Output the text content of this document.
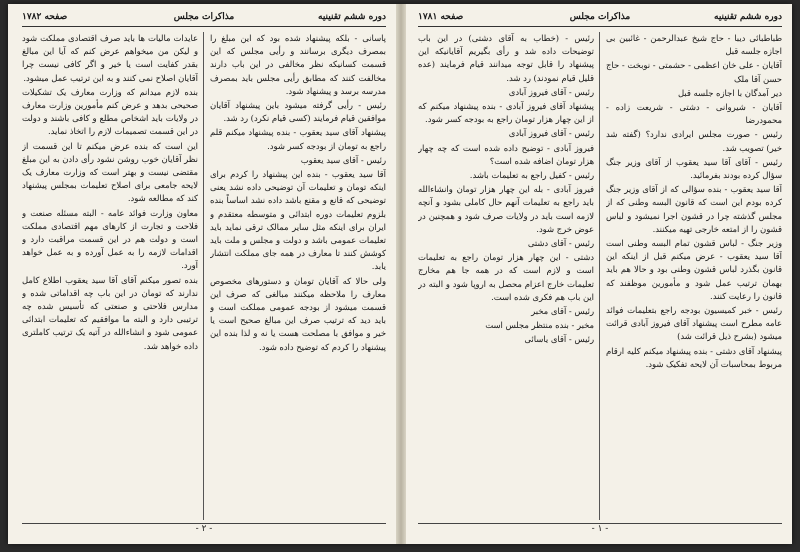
دوره ششم تقنینیه
مذاکرات مجلس
صفحه ۱۷۸۲

پاسانی - بلکه پیشنهاد شده بود که این مبلغ را بمصرف دیگری برسانند و رأیی مجلس که این قسمت کسانیکه نظر مخالفی در این باب دارند مخالفت کنند که مطابق رأیی مجلس باید بمصرف مدرسه برسد و پیشنهاد شود.

رئیس - رأیی گرفته میشود باین پیشنهاد آقایان موافقین قیام فرمایند (کسی قیام نکرد) رد شد.

پیشنهاد آقای سید یعقوب - بنده پیشنهاد میکنم قلم راجع به تومان از بودجه کسر شود.

رئیس - آقای سید یعقوب

آقا سید یعقوب - بنده این پیشنهاد را کردم برای اینکه تومان و تعلیمات آن توضیحی داده نشد یعنی توضیحی که قانع و مقنع باشد داده نشد اساساً بنده بلزوم تعلیمات دوره ابتدائی و متوسطه معتقدم و ایران برای اینکه مثل سایر ممالک ترقی نماید باید تعلیمات عمومی باشد و دولت و مجلس و ملت باید کوشش کنند تا معارف در همه جای مملکت انتشار یابد.

ولی حالا که آقایان تومان و دستورهای مخصوص معارف را ملاحظه میکنند مبالغی که صرف این قسمت میشود از بودجه عمومی مملکت است و باید دید که ترتیب صرف این مبالغ صحیح است یا خیر و موافق با مصلحت هست یا نه و لذا بنده این پیشنهاد را کردم که توضیح داده شود.

عایدات مالیات ها باید صرف اقتصادی مملکت شود و لیکن من میخواهم عرض کنم که آیا این مبالغ بقدر کفایت است یا خیر و اگر کافی نیست چرا آقایان اصلاح نمی کنند و به این ترتیب عمل میشود.

بنده لازم میدانم که وزارت معارف یک تشکیلات صحیحی بدهد و عرض کنم مأمورین وزارت معارف در ولایات باید اشخاص مطلع و کافی باشند و دولت در این قسمت تصمیمات لازم را اتخاذ نماید.

این است که بنده عرض میکنم تا این قسمت از نظر آقایان خوب روشن نشود رأی دادن به این مبلغ مقتضی نیست و بهتر است که وزارت معارف یک لایحه جامعی برای اصلاح تعلیمات بمجلس پیشنهاد کند که مطالعه شود.

معاون وزارت فوائد عامه - البته مسئله صنعت و فلاحت و تجارت از کارهای مهم اقتصادی مملکت است و دولت هم در این قسمت مراقبت دارد و اقدامات لازمه را به عمل آورده و به عمل خواهد آورد.

بنده تصور میکنم آقای آقا سید یعقوب اطلاع کامل ندارند که تومان در این باب چه اقداماتی شده و مدارس فلاحتی و صنعتی که تأسیس شده چه ترتیبی دارد و البته ما موافقیم که تعلیمات ابتدائی عمومی شود و انشاءالله در آتیه یک ترتیب کاملتری داده خواهد شد.

- ۲ -
دوره ششم تقنینیه
مذاکرات مجلس
صفحه ۱۷۸۱

طباطبائی دیبا - حاج شیخ عبدالرحمن - غائبین بی اجازه جلسه قبل

آقایان - علی خان اعظمی - حشمتی - نوبخت - حاج حسن آقا ملک

دیر آمدگان با اجازه جلسه قبل

آقایان - شیروانی - دشتی - شریعت زاده - محمودرضا

رئیس - صورت مجلس ایرادی ندارد؟ (گفته شد خیر) تصویب شد.

رئیس - آقای آقا سید یعقوب از آقای وزیر جنگ سؤال کرده بودند بفرمائید.

آقا سید یعقوب - بنده سؤالی که از آقای وزیر جنگ کرده بودم این است که قانون البسه وطنی که از مجلس گذشته چرا در قشون اجرا نمیشود و لباس قشون را از امتعه خارجی تهیه میکنند.

وزیر جنگ - لباس قشون تمام البسه وطنی است آقا سید یعقوب - عرض میکنم قبل از اینکه این قانون بگذرد لباس قشون وطنی بود و حالا هم باید بهمان ترتیب عمل شود و مأمورین موظفند که قانون را رعایت کنند.

رئیس - خبر کمیسیون بودجه راجع بتعلیمات فوائد عامه مطرح است پیشنهاد آقای فیروز آبادی قرائت میشود (بشرح ذیل قرائت شد)

پیشنهاد آقای دشتی - بنده پیشنهاد میکنم کلیه ارقام مربوط بمحاسبات آن لایحه تفکیک شود.

رئیس - (خطاب به آقای دشتی) در این باب توضیحات داده شد و رأی بگیریم آقایانیکه این پیشنهاد را قابل توجه میدانند قیام فرمایند (عده قلیل قیام نمودند) رد شد.

رئیس - آقای فیروز آبادی

پیشنهاد آقای فیروز آبادی - بنده پیشنهاد میکنم که از این چهار هزار تومان راجع به بودجه کسر شود.

رئیس - آقای فیروز آبادی

فیروز آبادی - توضیح داده شده است که چه چهار هزار تومان اضافه شده است؟

رئیس - کفیل راجع به تعلیمات باشد.

فیروز آبادی - بله این چهار هزار تومان وانشاءالله باید راجع به تعلیمات آنهم حال کاملی بشود و آنچه لازمه است باید در ولایات صرف شود و همچنین در عوض خرج شود.

رئیس - آقای دشتی

دشتی - این چهار هزار تومان راجع به تعلیمات است و لازم است که در همه جا هم مخارج تعلیمات خارج اعزام محصل به اروپا شود و البته در این باب هم فکری شده است.

رئیس - آقای مخبر

مخبر - بنده منتظر مجلس است

رئیس - آقای یاسائی

- ۱ -
